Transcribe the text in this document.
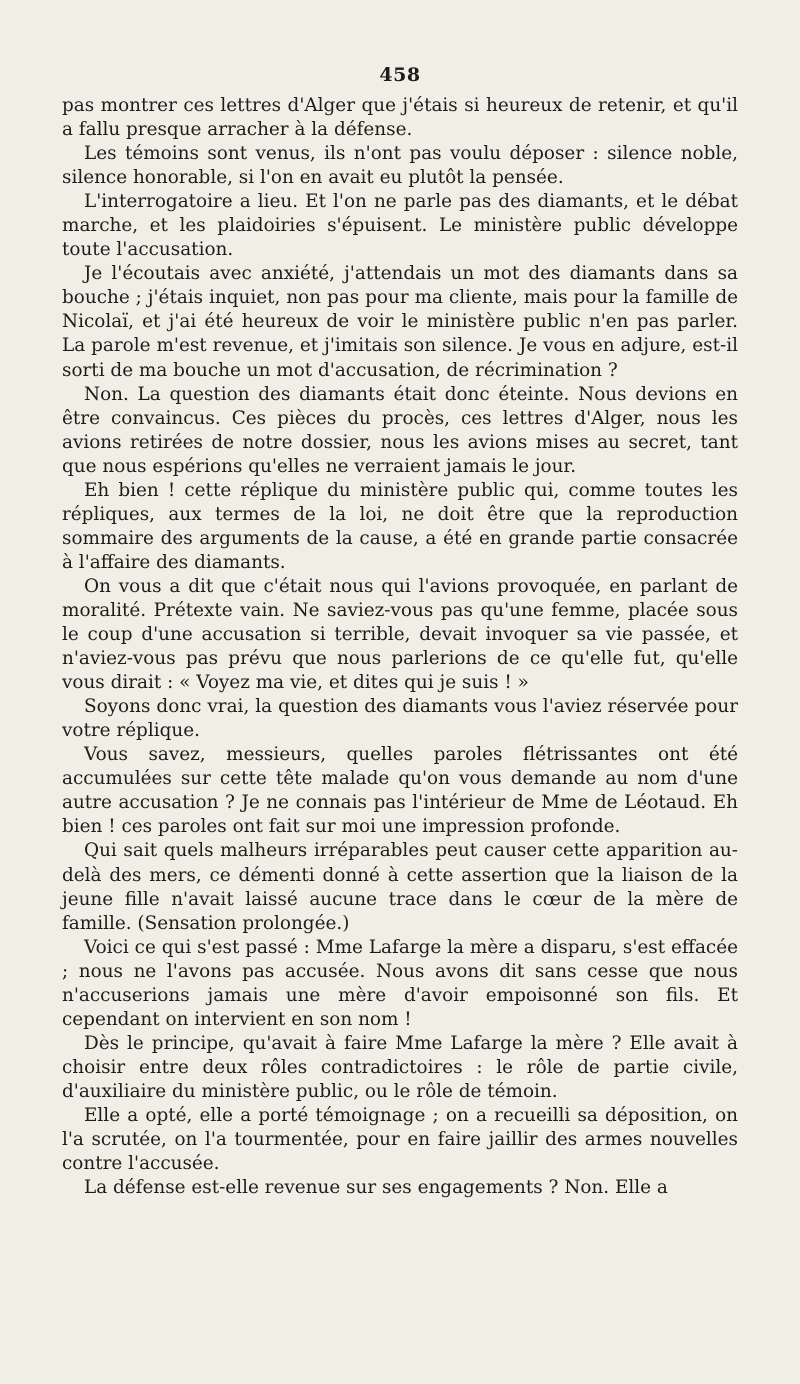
458

pas montrer ces lettres d'Alger que j'étais si heureux de retenir, et qu'il a fallu presque arracher à la défense.

Les témoins sont venus, ils n'ont pas voulu déposer : silence noble, silence honorable, si l'on en avait eu plutôt la pensée.

L'interrogatoire a lieu. Et l'on ne parle pas des diamants, et le débat marche, et les plaidoiries s'épuisent. Le ministère public développe toute l'accusation.

Je l'écoutais avec anxiété, j'attendais un mot des diamants dans sa bouche ; j'étais inquiet, non pas pour ma cliente, mais pour la famille de Nicolaï, et j'ai été heureux de voir le ministère public n'en pas parler. La parole m'est revenue, et j'imitais son silence. Je vous en adjure, est-il sorti de ma bouche un mot d'accusation, de récrimination ?

Non. La question des diamants était donc éteinte. Nous devions en être convaincus. Ces pièces du procès, ces lettres d'Alger, nous les avions retirées de notre dossier, nous les avions mises au secret, tant que nous espérions qu'elles ne verraient jamais le jour.

Eh bien ! cette réplique du ministère public qui, comme toutes les répliques, aux termes de la loi, ne doit être que la reproduction sommaire des arguments de la cause, a été en grande partie consacrée à l'affaire des diamants.

On vous a dit que c'était nous qui l'avions provoquée, en parlant de moralité. Prétexte vain. Ne saviez-vous pas qu'une femme, placée sous le coup d'une accusation si terrible, devait invoquer sa vie passée, et n'aviez-vous pas prévu que nous parlerions de ce qu'elle fut, qu'elle vous dirait : « Voyez ma vie, et dites qui je suis ! »

Soyons donc vrai, la question des diamants vous l'aviez réservée pour votre réplique.

Vous savez, messieurs, quelles paroles flétrissantes ont été accumulées sur cette tête malade qu'on vous demande au nom d'une autre accusation ? Je ne connais pas l'intérieur de Mme de Léotaud. Eh bien ! ces paroles ont fait sur moi une impression profonde.

Qui sait quels malheurs irréparables peut causer cette apparition au-delà des mers, ce démenti donné à cette assertion que la liaison de la jeune fille n'avait laissé aucune trace dans le cœur de la mère de famille. (Sensation prolongée.)

Voici ce qui s'est passé : Mme Lafarge la mère a disparu, s'est effacée ; nous ne l'avons pas accusée. Nous avons dit sans cesse que nous n'accuserions jamais une mère d'avoir empoisonné son fils. Et cependant on intervient en son nom !

Dès le principe, qu'avait à faire Mme Lafarge la mère ? Elle avait à choisir entre deux rôles contradictoires : le rôle de partie civile, d'auxiliaire du ministère public, ou le rôle de témoin.

Elle a opté, elle a porté témoignage ; on a recueilli sa déposition, on l'a scrutée, on l'a tourmentée, pour en faire jaillir des armes nouvelles contre l'accusée.

La défense est-elle revenue sur ses engagements ? Non. Elle a
